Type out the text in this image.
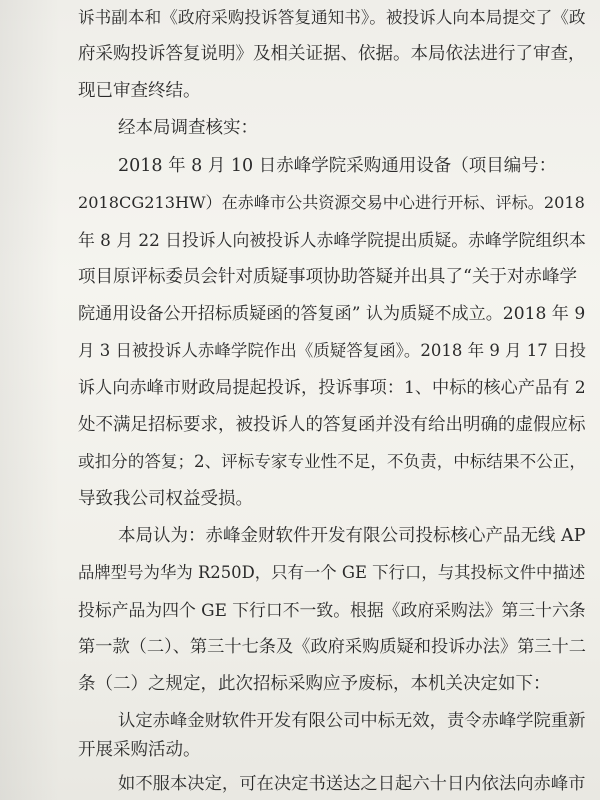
诉书副本和《政府采购投诉答复通知书》。被投诉人向本局提交了《政
府采购投诉答复说明》及相关证据、依据。本局依法进行了审查，
现已审查终结。
经本局调查核实：
2018 年 8 月 10 日赤峰学院采购通用设备（项目编号：
2018CG213HW）在赤峰市公共资源交易中心进行开标、评标。2018
年 8 月 22 日投诉人向被投诉人赤峰学院提出质疑。赤峰学院组织本
项目原评标委员会针对质疑事项协助答疑并出具了“关于对赤峰学
院通用设备公开招标质疑函的答复函” 认为质疑不成立。2018 年 9
月 3 日被投诉人赤峰学院作出《质疑答复函》。2018 年 9 月 17 日投
诉人向赤峰市财政局提起投诉，投诉事项：1、中标的核心产品有 2
处不满足招标要求，被投诉人的答复函并没有给出明确的虚假应标
或扣分的答复；2、评标专家专业性不足，不负责，中标结果不公正，
导致我公司权益受损。
本局认为：赤峰金财软件开发有限公司投标核心产品无线 AP
品牌型号为华为 R250D，只有一个 GE 下行口，与其投标文件中描述
投标产品为四个 GE 下行口不一致。根据《政府采购法》第三十六条
第一款（二）、第三十七条及《政府采购质疑和投诉办法》第三十二
条（二）之规定，此次招标采购应予废标，本机关决定如下：
认定赤峰金财软件开发有限公司中标无效，责令赤峰学院重新
开展采购活动。
如不服本决定，可在决定书送达之日起六十日内依法向赤峰市
